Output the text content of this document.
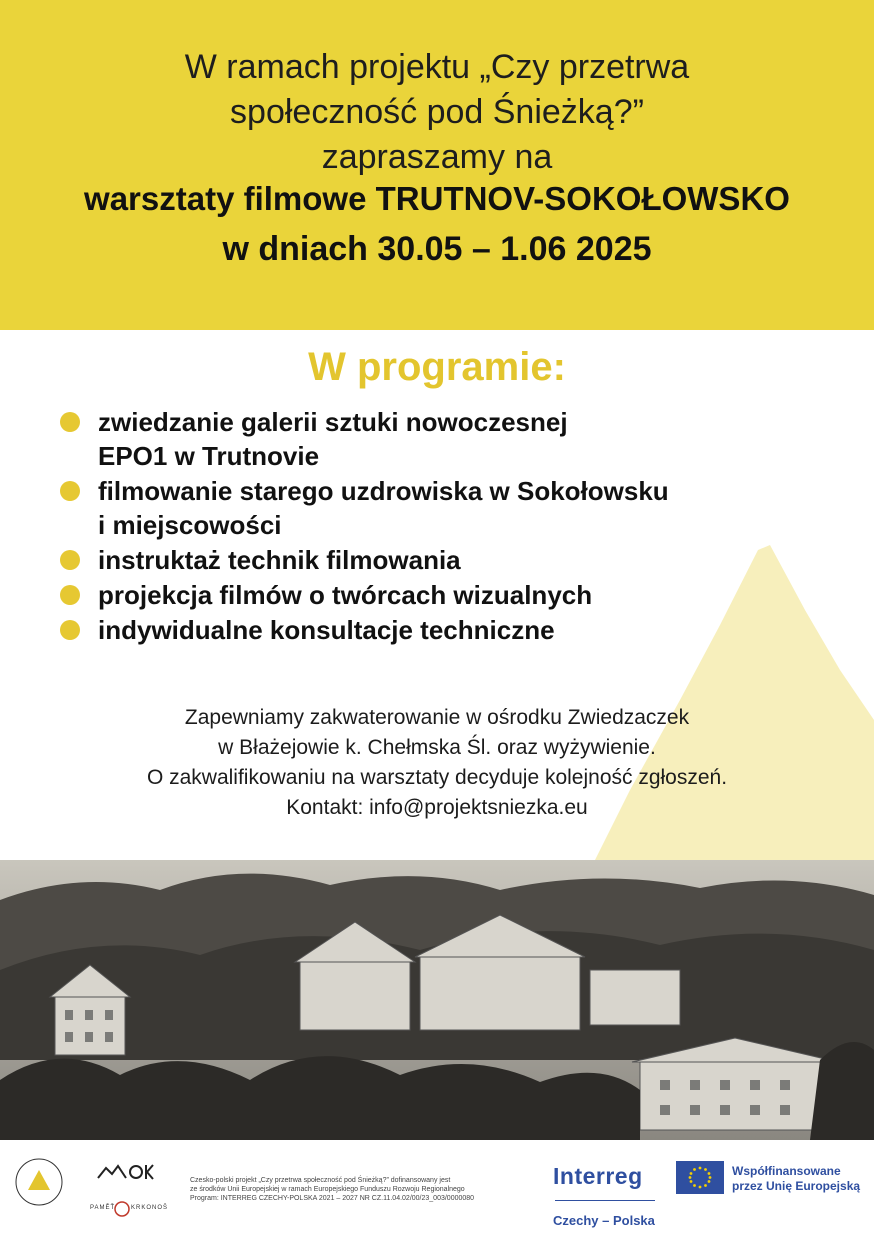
W ramach projektu „Czy przetrwa
społeczność pod Śnieżką?”
zapraszamy na
warsztaty filmowe TRUTNOV-SOKOŁOWSKO
w dniach 30.05 – 1.06 2025
W programie:
zwiedzanie galerii sztuki nowoczesnej
EPO1 w Trutnovie
filmowanie starego uzdrowiska w Sokołowsku
i miejscowości
instruktaż technik filmowania
projekcja filmów o twórcach wizualnych
indywidualne konsultacje techniczne
Zapewniamy zakwaterowanie w ośrodku Zwiedzaczek
w Błażejowie k. Chełmska Śl. oraz wyżywienie.
O zakwalifikowaniu na warsztaty decyduje kolejność zgłoszeń.
Kontakt: info@projektsniezka.eu
PAMĚŤ	KRKONOŠ
Czesko-polski projekt „Czy przetrwa społeczność pod Śnieżką?” dofinansowany jest
ze środków Unii Europejskiej w ramach Europejskiego Funduszu Rozwoju Regionalnego
Program: INTERREG CZECHY-POLSKA 2021 – 2027 NR CZ.11.04.02/00/23_003/0000080
Interreg
Czechy – Polska
Współfinansowane
przez Unię Europejską
